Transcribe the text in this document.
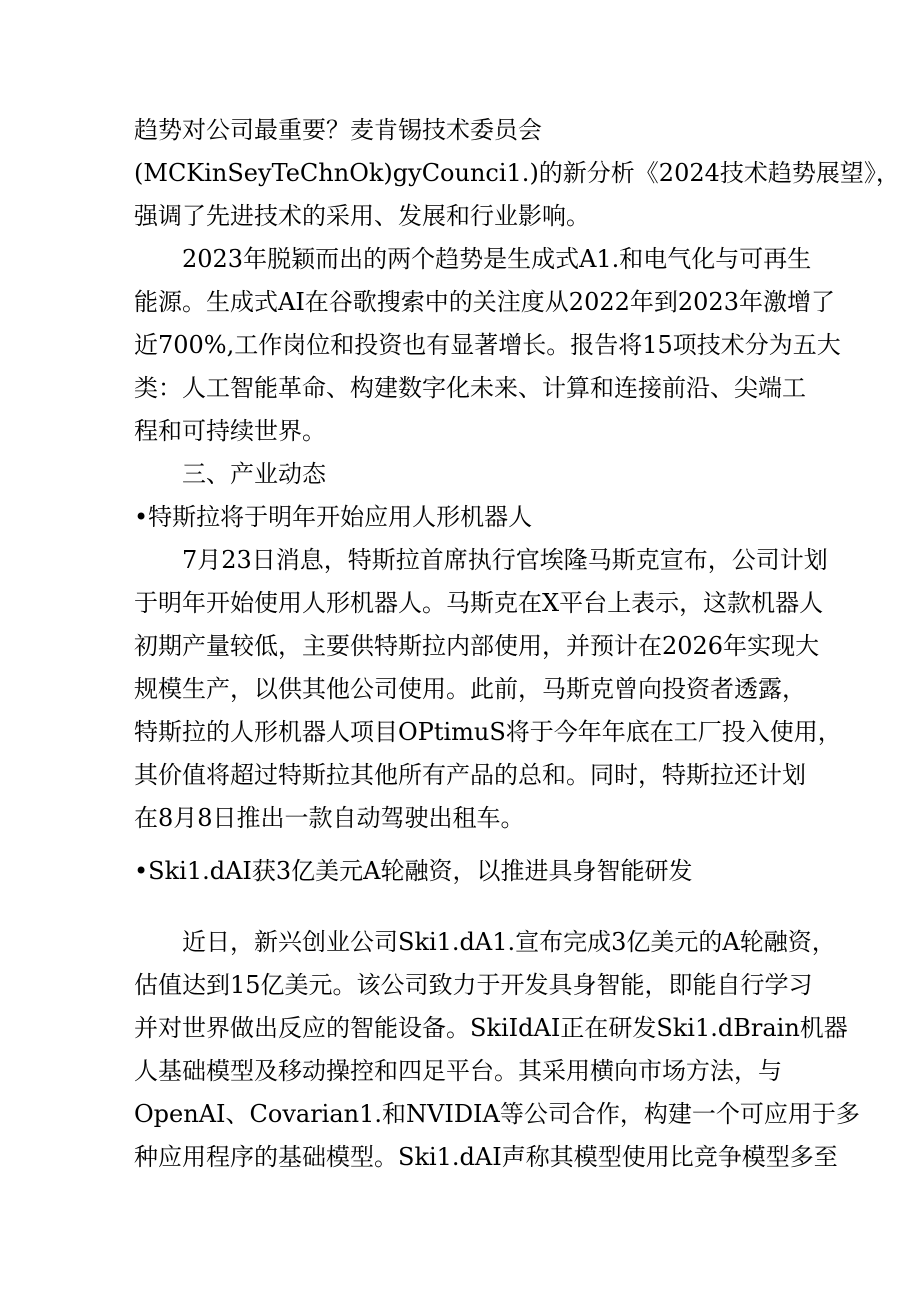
趋势对公司最重要？麦肯锡技术委员会
(MCKinSeyTeChnOk)gyCounci1.)的新分析《2024技术趋势展望》，
强调了先进技术的采用、发展和行业影响。
2023年脱颖而出的两个趋势是生成式A1.和电气化与可再生
能源。生成式AI在谷歌搜索中的关注度从2022年到2023年激增了
近700%,工作岗位和投资也有显著增长。报告将15项技术分为五大
类：人工智能革命、构建数字化未来、计算和连接前沿、尖端工
程和可持续世界。
三、产业动态
•特斯拉将于明年开始应用人形机器人
7月23日消息，特斯拉首席执行官埃隆马斯克宣布，公司计划
于明年开始使用人形机器人。马斯克在X平台上表示，这款机器人
初期产量较低，主要供特斯拉内部使用，并预计在2026年实现大
规模生产，以供其他公司使用。此前，马斯克曾向投资者透露，
特斯拉的人形机器人项目OPtimuS将于今年年底在工厂投入使用，
其价值将超过特斯拉其他所有产品的总和。同时，特斯拉还计划
在8月8日推出一款自动驾驶出租车。
•Ski1.dAI获3亿美元A轮融资，以推进具身智能研发
近日，新兴创业公司Ski1.dA1.宣布完成3亿美元的A轮融资，
估值达到15亿美元。该公司致力于开发具身智能，即能自行学习
并对世界做出反应的智能设备。SkiIdAI正在研发Ski1.dBrain机器
人基础模型及移动操控和四足平台。其采用横向市场方法，与
OpenAI、Covarian1.和NVIDIA等公司合作，构建一个可应用于多
种应用程序的基础模型。Ski1.dAI声称其模型使用比竞争模型多至
